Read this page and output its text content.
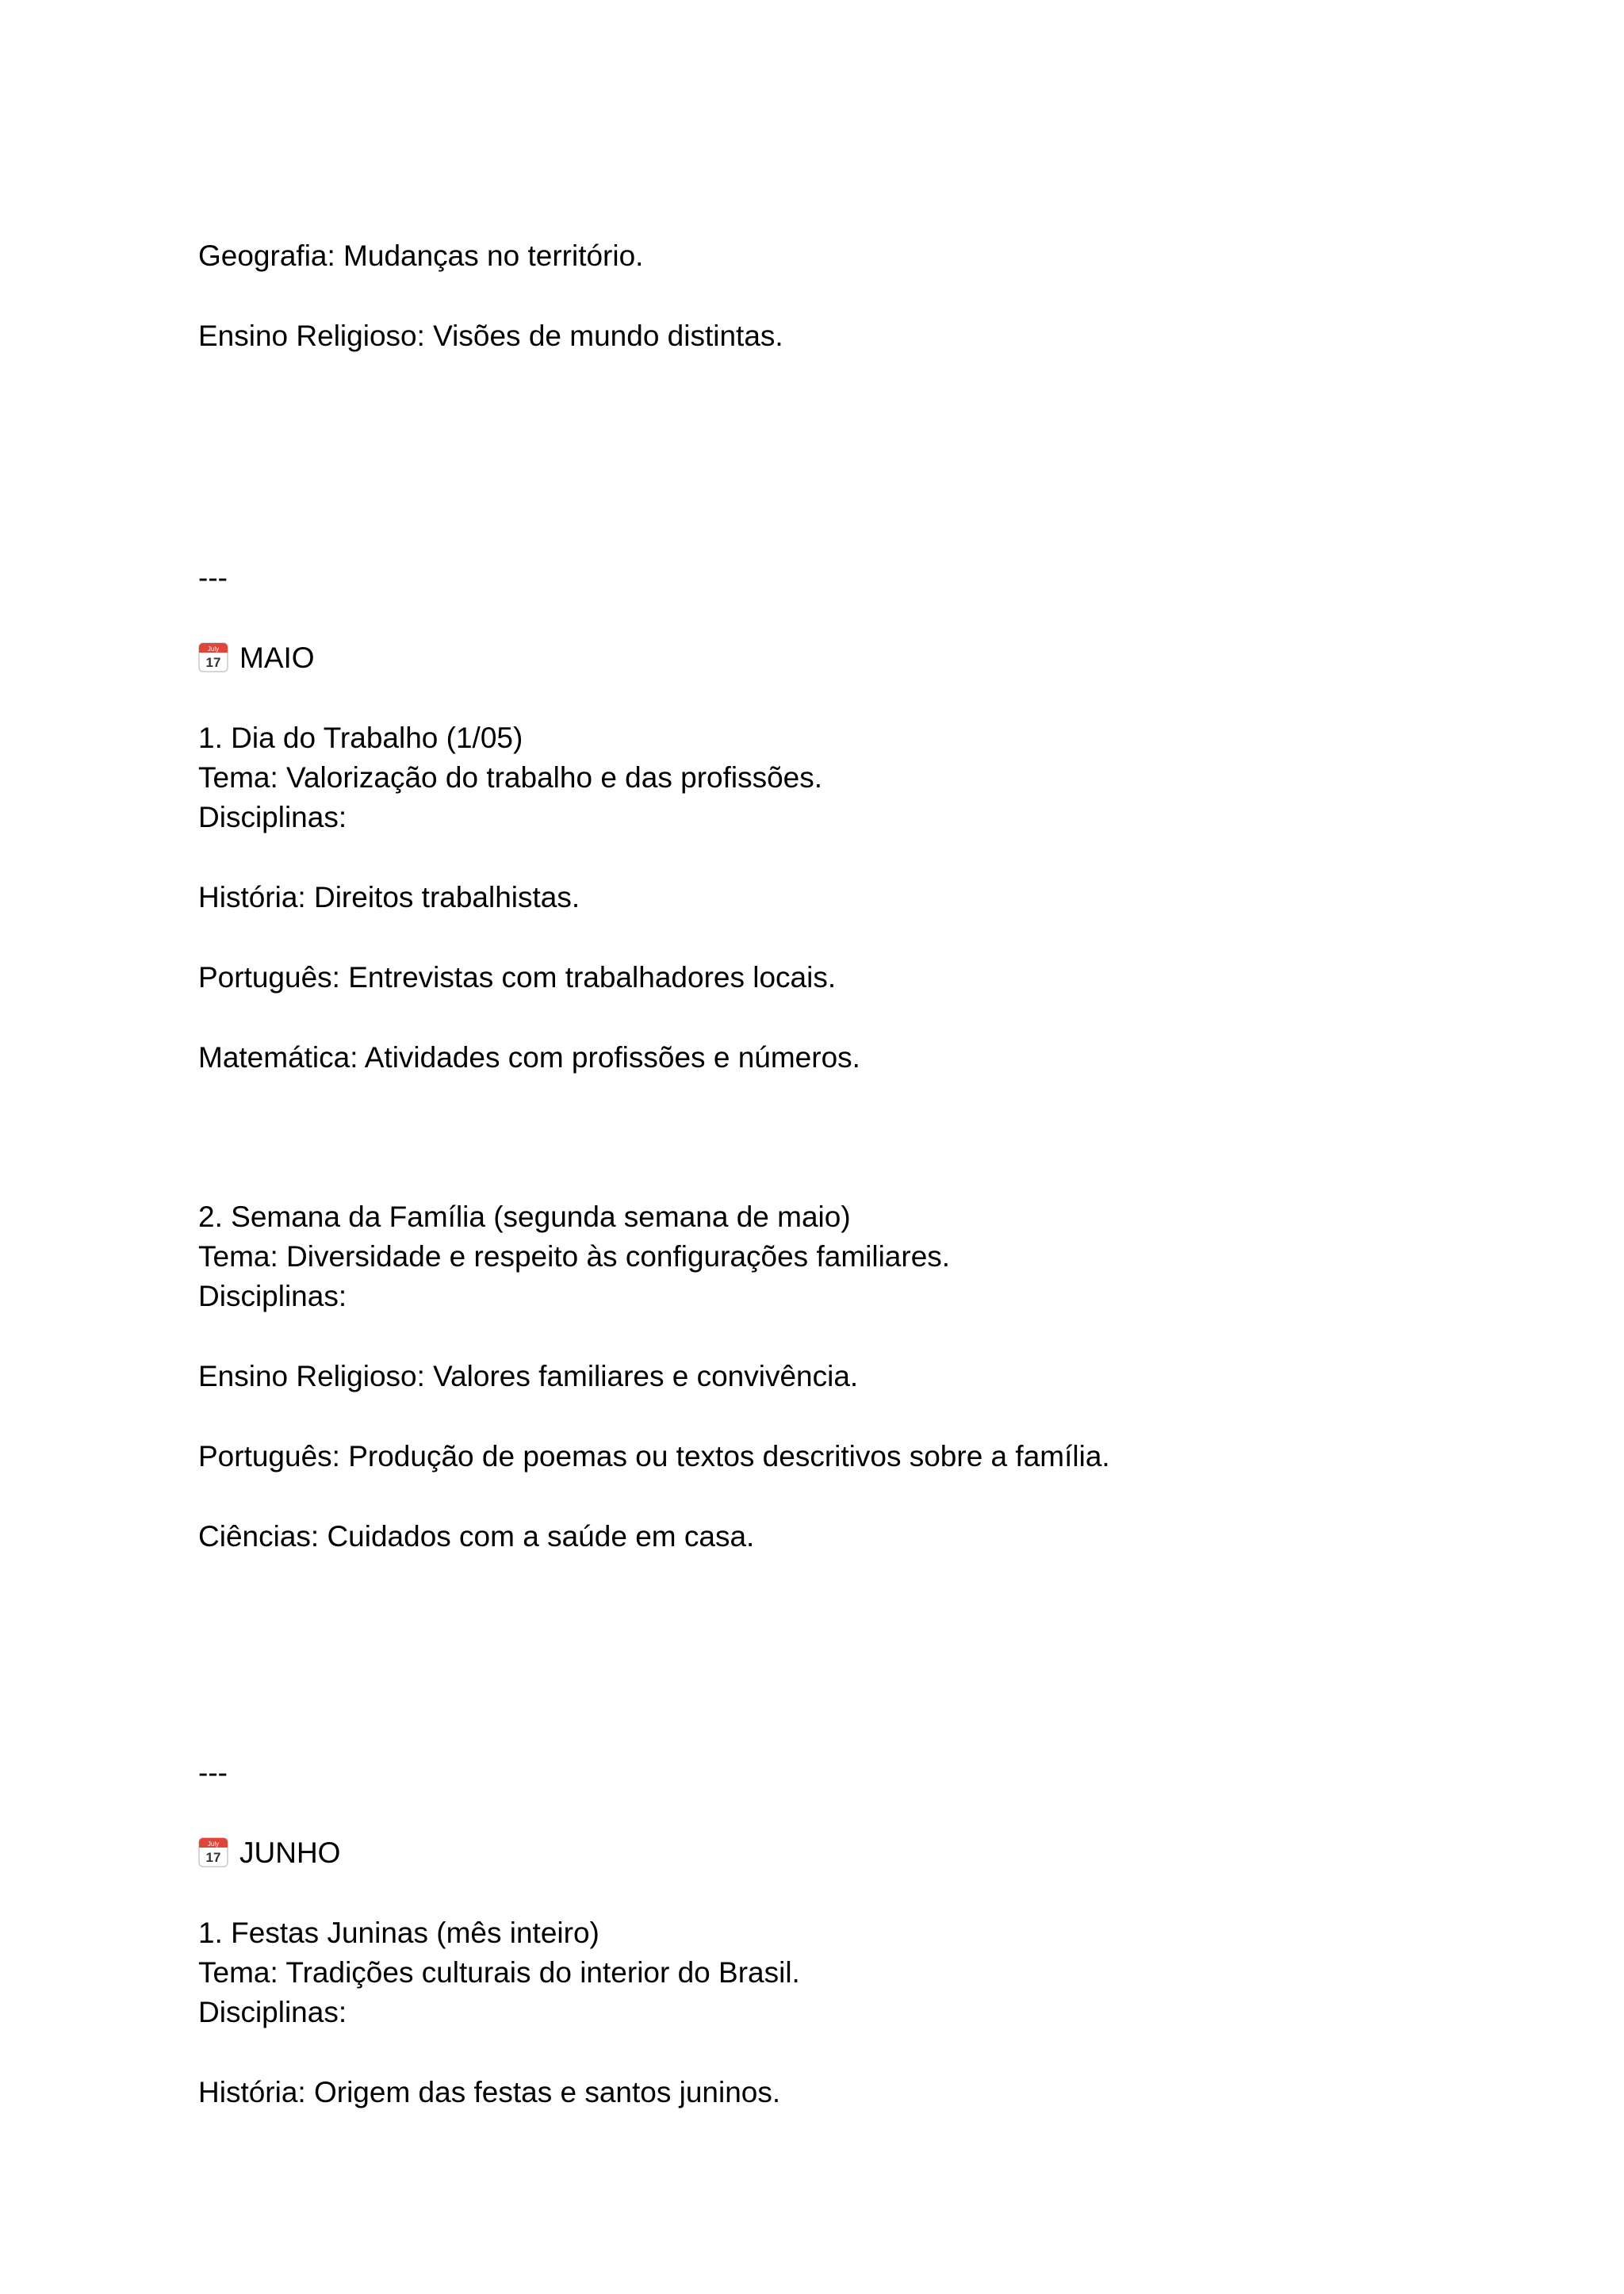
Geografia: Mudanças no território.
Ensino Religioso: Visões de mundo distintas.
---
July
17 MAIO
1. Dia do Trabalho (1/05)
Tema: Valorização do trabalho e das profissões.
Disciplinas:
História: Direitos trabalhistas.
Português: Entrevistas com trabalhadores locais.
Matemática: Atividades com profissões e números.
2. Semana da Família (segunda semana de maio)
Tema: Diversidade e respeito às configurações familiares.
Disciplinas:
Ensino Religioso: Valores familiares e convivência.
Português: Produção de poemas ou textos descritivos sobre a família.
Ciências: Cuidados com a saúde em casa.
---
July
17 JUNHO
1. Festas Juninas (mês inteiro)
Tema: Tradições culturais do interior do Brasil.
Disciplinas:
História: Origem das festas e santos juninos.
